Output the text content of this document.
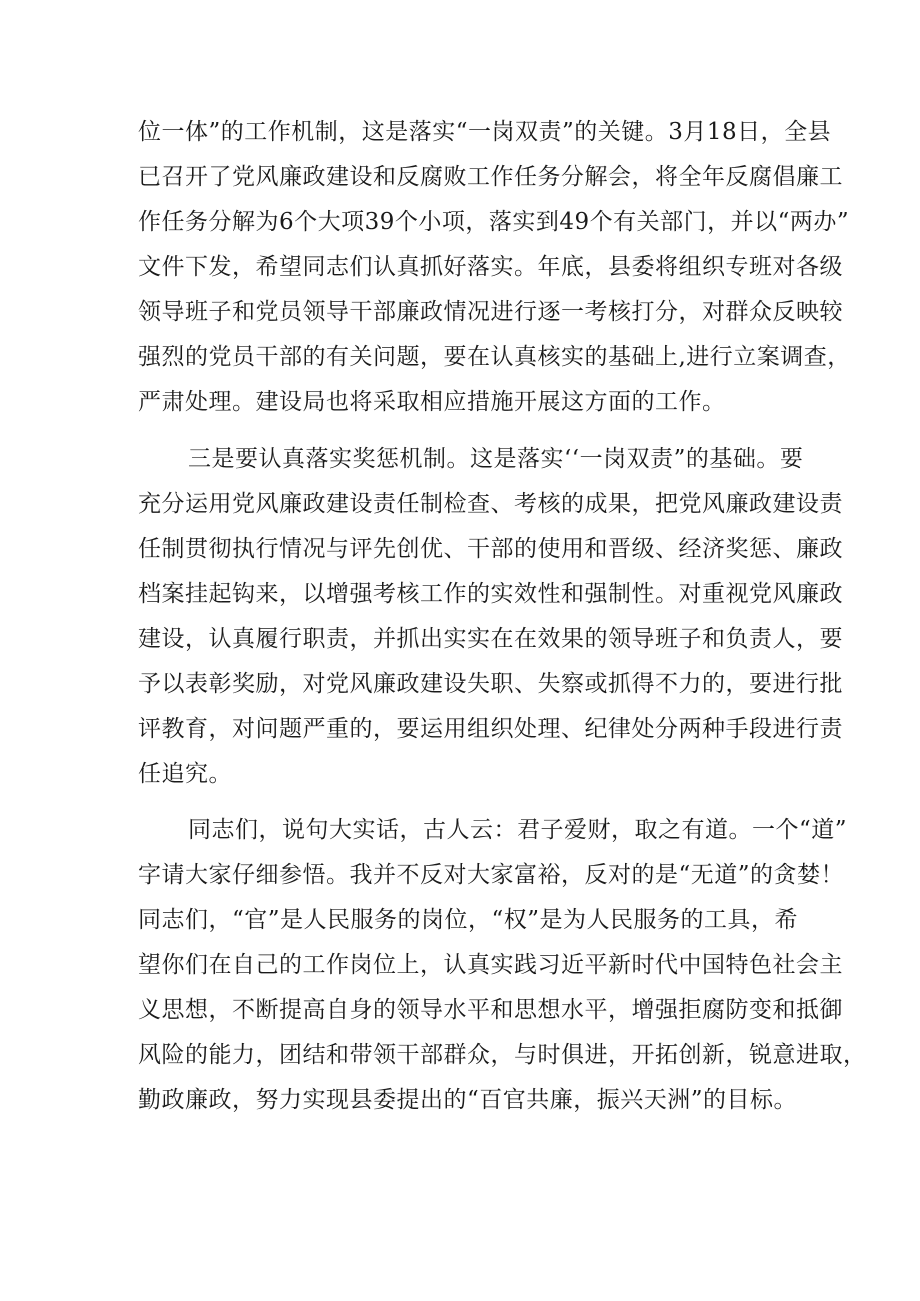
位一体”的工作机制，这是落实“一岗双责”的关键。3月18日，全县
已召开了党风廉政建设和反腐败工作任务分解会，将全年反腐倡廉工
作任务分解为6个大项39个小项，落实到49个有关部门，并以“两办”
文件下发，希望同志们认真抓好落实。年底，县委将组织专班对各级
领导班子和党员领导干部廉政情况进行逐一考核打分，对群众反映较
强烈的党员干部的有关问题，要在认真核实的基础上,进行立案调查，
严肃处理。建设局也将采取相应措施开展这方面的工作。
三是要认真落实奖惩机制。这是落实‘‘一岗双责”的基础。要
充分运用党风廉政建设责任制检查、考核的成果，把党风廉政建设责
任制贯彻执行情况与评先创优、干部的使用和晋级、经济奖惩、廉政
档案挂起钩来，以增强考核工作的实效性和强制性。对重视党风廉政
建设，认真履行职责，并抓出实实在在效果的领导班子和负责人，要
予以表彰奖励，对党风廉政建设失职、失察或抓得不力的，要进行批
评教育，对问题严重的，要运用组织处理、纪律处分两种手段进行责
任追究。
同志们，说句大实话，古人云：君子爱财，取之有道。一个“道”
字请大家仔细参悟。我并不反对大家富裕，反对的是“无道”的贪婪！
同志们，“官”是人民服务的岗位，“权”是为人民服务的工具，希
望你们在自己的工作岗位上，认真实践习近平新时代中国特色社会主
义思想，不断提高自身的领导水平和思想水平，增强拒腐防变和抵御
风险的能力，团结和带领干部群众，与时俱进，开拓创新，锐意进取，
勤政廉政，努力实现县委提出的“百官共廉，振兴天洲”的目标。
